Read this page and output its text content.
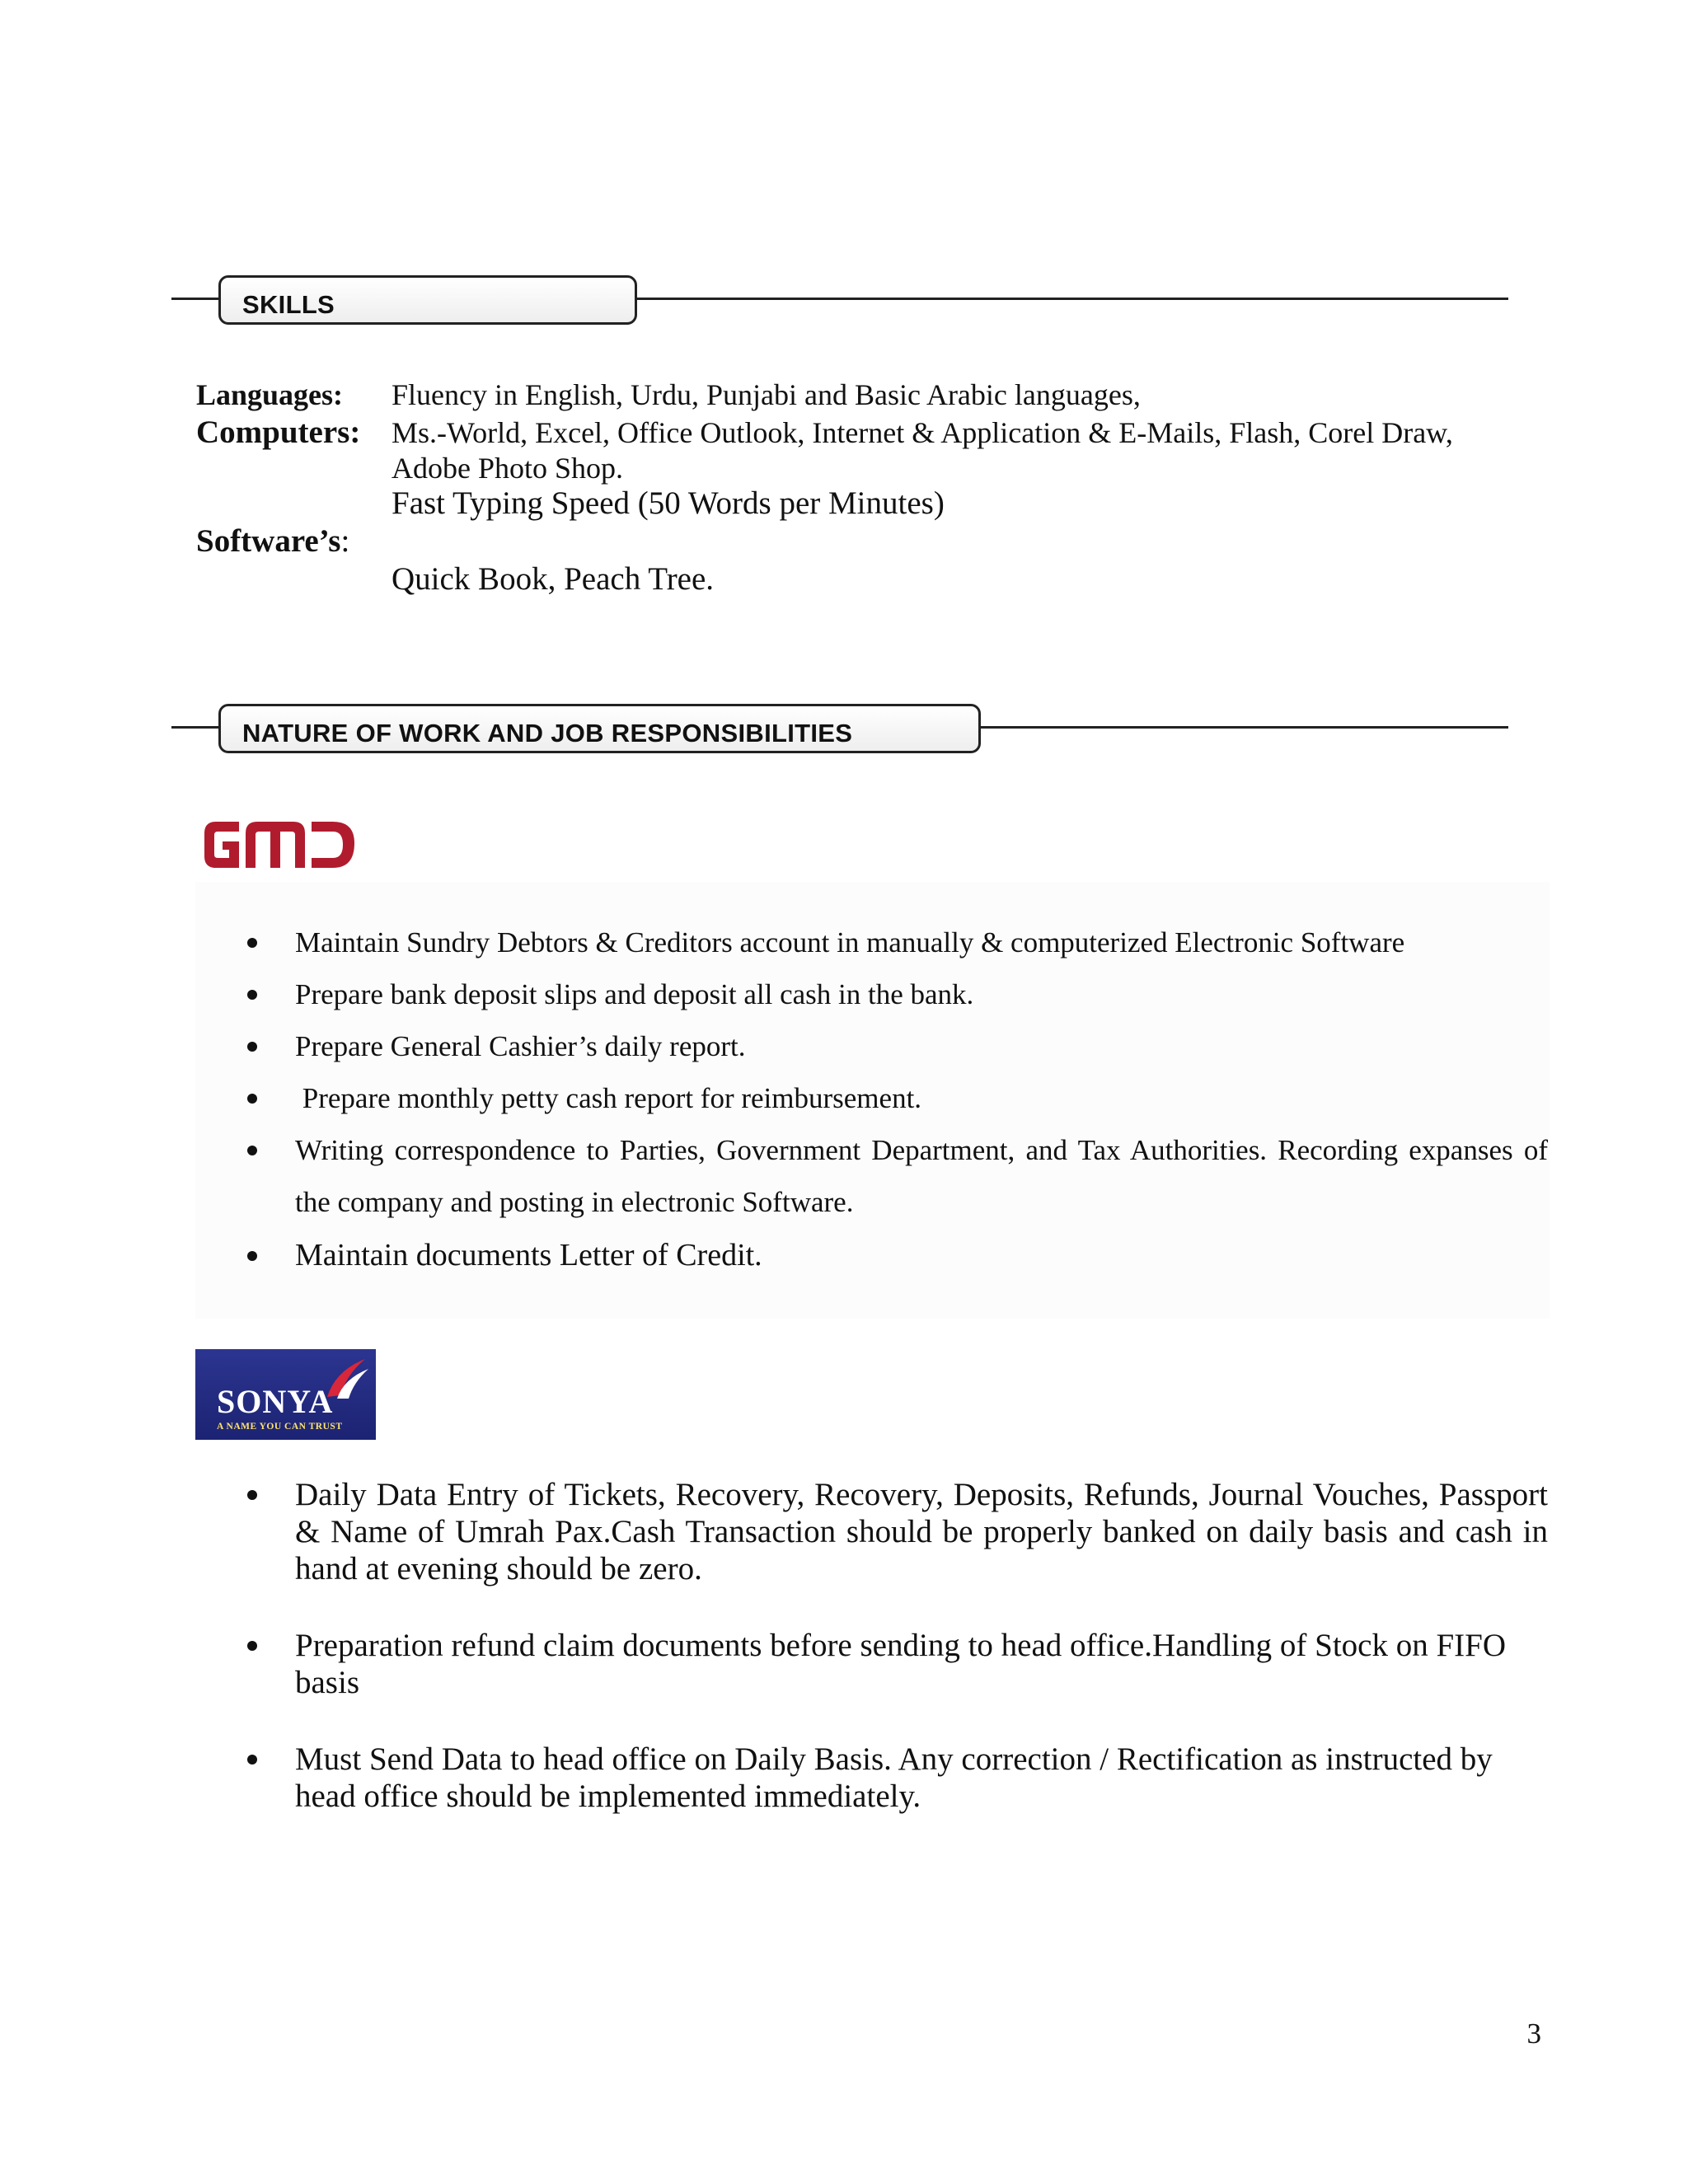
SKILLS
Languages: Fluency in English, Urdu, Punjabi and Basic Arabic languages,
Computers: Ms.-World, Excel, Office Outlook, Internet & Application & E-Mails, Flash, Corel Draw,
Adobe Photo Shop.
Fast Typing Speed (50 Words per Minutes)
Software’s:
Quick Book, Peach Tree.
NATURE OF WORK AND JOB RESPONSIBILITIES
Maintain Sundry Debtors & Creditors account in manually & computerized Electronic Software
Prepare bank deposit slips and deposit all cash in the bank.
Prepare General Cashier’s daily report.
Prepare monthly petty cash report for reimbursement.
Writing correspondence to Parties, Government Department, and Tax Authorities. Recording expanses of the company and posting in electronic Software.
Maintain documents Letter of Credit.
SONYA
A NAME YOU CAN TRUST
Daily Data Entry of Tickets, Recovery, Recovery, Deposits, Refunds, Journal Vouches, Passport & Name of Umrah Pax.Cash Transaction should be properly banked on daily basis and cash in hand at evening should be zero.
Preparation refund claim documents before sending to head office.Handling of Stock on FIFO basis
Must Send Data to head office on Daily Basis. Any correction / Rectification as instructed by head office should be implemented immediately.
3
